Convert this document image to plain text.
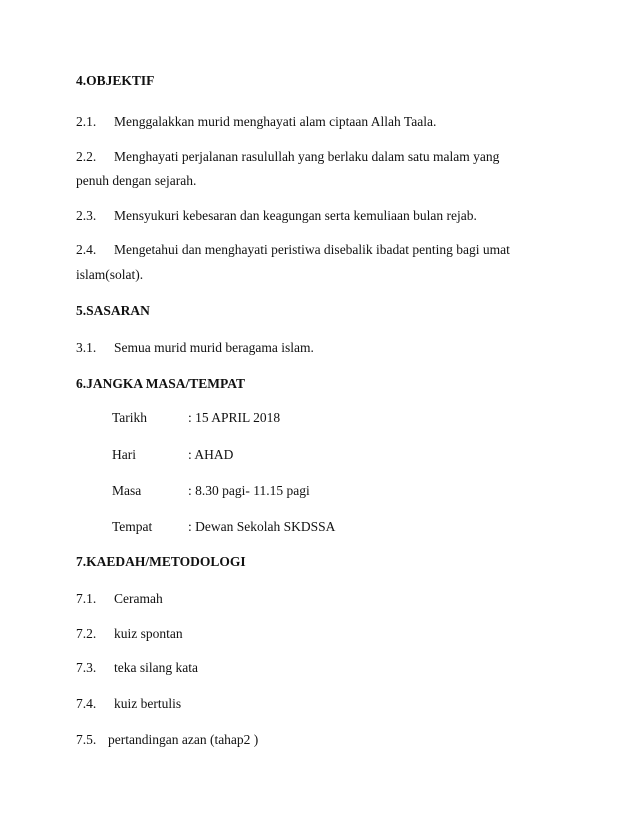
4.OBJEKTIF
2.1. Menggalakkan murid menghayati alam ciptaan Allah Taala.
2.2. Menghayati perjalanan rasulullah yang berlaku dalam satu malam yang
penuh dengan sejarah.
2.3. Mensyukuri kebesaran dan keagungan serta kemuliaan bulan rejab.
2.4. Mengetahui dan menghayati peristiwa disebalik ibadat penting bagi umat
islam(solat).
5.SASARAN
3.1. Semua murid murid beragama islam.
6.JANGKA MASA/TEMPAT
Tarikh	: 15 APRIL 2018
Hari	: AHAD
Masa	: 8.30 pagi- 11.15 pagi
Tempat	: Dewan Sekolah SKDSSA
7.KAEDAH/METODOLOGI
7.1. Ceramah
7.2. kuiz spontan
7.3. teka silang kata
7.4. kuiz bertulis
7.5. pertandingan azan (tahap2 )
